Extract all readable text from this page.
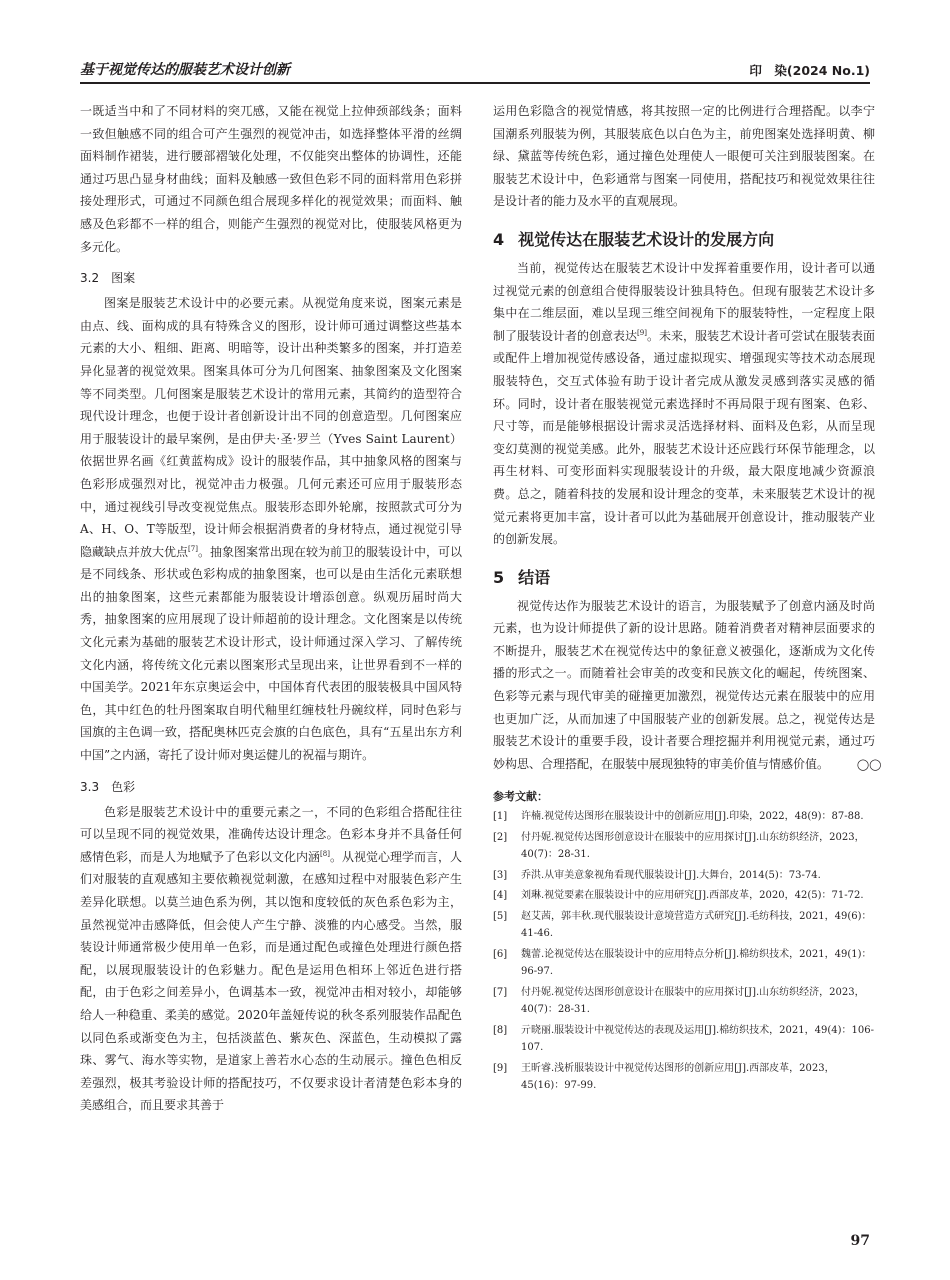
基于视觉传达的服装艺术设计创新	印　染(2024 No.1)

一既适当中和了不同材料的突兀感，又能在视觉上拉伸颈部线条；面料一致但触感不同的组合可产生强烈的视觉冲击，如选择整体平滑的丝绸面料制作裙装，进行腰部褶皱化处理，不仅能突出整体的协调性，还能通过巧思凸显身材曲线；面料及触感一致但色彩不同的面料常用色彩拼接处理形式，可通过不同颜色组合展现多样化的视觉效果；而面料、触感及色彩都不一样的组合，则能产生强烈的视觉对比，使服装风格更为多元化。

3.2　图案

图案是服装艺术设计中的必要元素。从视觉角度来说，图案元素是由点、线、面构成的具有特殊含义的图形，设计师可通过调整这些基本元素的大小、粗细、距离、明暗等，设计出种类繁多的图案，并打造差异化显著的视觉效果。图案具体可分为几何图案、抽象图案及文化图案等不同类型。几何图案是服装艺术设计的常用元素，其简约的造型符合现代设计理念，也便于设计者创新设计出不同的创意造型。几何图案应用于服装设计的最早案例，是由伊夫·圣·罗兰（Yves Saint Laurent）依据世界名画《红黄蓝构成》设计的服装作品，其中抽象风格的图案与色彩形成强烈对比，视觉冲击力极强。几何元素还可应用于服装形态中，通过视线引导改变视觉焦点。服装形态即外轮廓，按照款式可分为A、H、O、T等版型，设计师会根据消费者的身材特点，通过视觉引导隐藏缺点并放大优点[7]。抽象图案常出现在较为前卫的服装设计中，可以是不同线条、形状或色彩构成的抽象图案，也可以是由生活化元素联想出的抽象图案，这些元素都能为服装设计增添创意。纵观历届时尚大秀，抽象图案的应用展现了设计师超前的设计理念。文化图案是以传统文化元素为基础的服装艺术设计形式，设计师通过深入学习、了解传统文化内涵，将传统文化元素以图案形式呈现出来，让世界看到不一样的中国美学。2021年东京奥运会中，中国体育代表团的服装极具中国风特色，其中红色的牡丹图案取自明代釉里红缠枝牡丹碗纹样，同时色彩与国旗的主色调一致，搭配奥林匹克会旗的白色底色，具有“五星出东方利中国”之内涵，寄托了设计师对奥运健儿的祝福与期许。

3.3　色彩

色彩是服装艺术设计中的重要元素之一，不同的色彩组合搭配往往可以呈现不同的视觉效果，准确传达设计理念。色彩本身并不具备任何感情色彩，而是人为地赋予了色彩以文化内涵[8]。从视觉心理学而言，人们对服装的直观感知主要依赖视觉刺激，在感知过程中对服装色彩产生差异化联想。以莫兰迪色系为例，其以饱和度较低的灰色系色彩为主，虽然视觉冲击感降低，但会使人产生宁静、淡雅的内心感受。当然，服装设计师通常极少使用单一色彩，而是通过配色或撞色处理进行颜色搭配，以展现服装设计的色彩魅力。配色是运用色相环上邻近色进行搭配，由于色彩之间差异小，色调基本一致，视觉冲击相对较小，却能够给人一种稳重、柔美的感觉。2020年盖娅传说的秋冬系列服装作品配色以同色系或渐变色为主，包括淡蓝色、紫灰色、深蓝色，生动模拟了露珠、雾气、海水等实物，是道家上善若水心态的生动展示。撞色色相反差强烈，极其考验设计师的搭配技巧，不仅要求设计者清楚色彩本身的美感组合，而且要求其善于

运用色彩隐含的视觉情感，将其按照一定的比例进行合理搭配。以李宁国潮系列服装为例，其服装底色以白色为主，前兜图案处选择明黄、柳绿、黛蓝等传统色彩，通过撞色处理使人一眼便可关注到服装图案。在服装艺术设计中，色彩通常与图案一同使用，搭配技巧和视觉效果往往是设计者的能力及水平的直观展现。

4 视觉传达在服装艺术设计的发展方向

当前，视觉传达在服装艺术设计中发挥着重要作用，设计者可以通过视觉元素的创意组合使得服装设计独具特色。但现有服装艺术设计多集中在二维层面，难以呈现三维空间视角下的服装特性，一定程度上限制了服装设计者的创意表达[9]。未来，服装艺术设计者可尝试在服装表面或配件上增加视觉传感设备，通过虚拟现实、增强现实等技术动态展现服装特色，交互式体验有助于设计者完成从激发灵感到落实灵感的循环。同时，设计者在服装视觉元素选择时不再局限于现有图案、色彩、尺寸等，而是能够根据设计需求灵活选择材料、面料及色彩，从而呈现变幻莫测的视觉美感。此外，服装艺术设计还应践行环保节能理念，以再生材料、可变形面料实现服装设计的升级，最大限度地减少资源浪费。总之，随着科技的发展和设计理念的变革，未来服装艺术设计的视觉元素将更加丰富，设计者可以此为基础展开创意设计，推动服装产业的创新发展。

5 结语

视觉传达作为服装艺术设计的语言，为服装赋予了创意内涵及时尚元素，也为设计师提供了新的设计思路。随着消费者对精神层面要求的不断提升，服装艺术在视觉传达中的象征意义被强化，逐渐成为文化传播的形式之一。而随着社会审美的改变和民族文化的崛起，传统图案、色彩等元素与现代审美的碰撞更加激烈，视觉传达元素在服装中的应用也更加广泛，从而加速了中国服装产业的创新发展。总之，视觉传达是服装艺术设计的重要手段，设计者要合理挖掘并利用视觉元素，通过巧妙构思、合理搭配，在服装中展现独特的审美价值与情感价值。	◯◯

参考文献：
[1]	许楠.视觉传达图形在服装设计中的创新应用[J].印染，2022，48(9)：87-88.
[2]	付丹妮.视觉传达图形创意设计在服装中的应用探讨[J].山东纺织经济，2023，40(7)：28-31.
[3]	乔洪.从审美意象视角看现代服装设计[J].大舞台，2014(5)：73-74.
[4]	刘琳.视觉要素在服装设计中的应用研究[J].西部皮革，2020，42(5)：71-72.
[5]	赵艾茜，郭丰秋.现代服装设计意境营造方式研究[J].毛纺科技，2021，49(6)：41-46.
[6]	魏蕾.论视觉传达在服装设计中的应用特点分析[J].棉纺织技术，2021，49(1)：96-97.
[7]	付丹妮.视觉传达图形创意设计在服装中的应用探讨[J].山东纺织经济，2023，40(7)：28-31.
[8]	亓晓丽.服装设计中视觉传达的表现及运用[J].棉纺织技术，2021，49(4)：106-107.
[9]	王昕睿.浅析服装设计中视觉传达图形的创新应用[J].西部皮革，2023，45(16)：97-99.
97
